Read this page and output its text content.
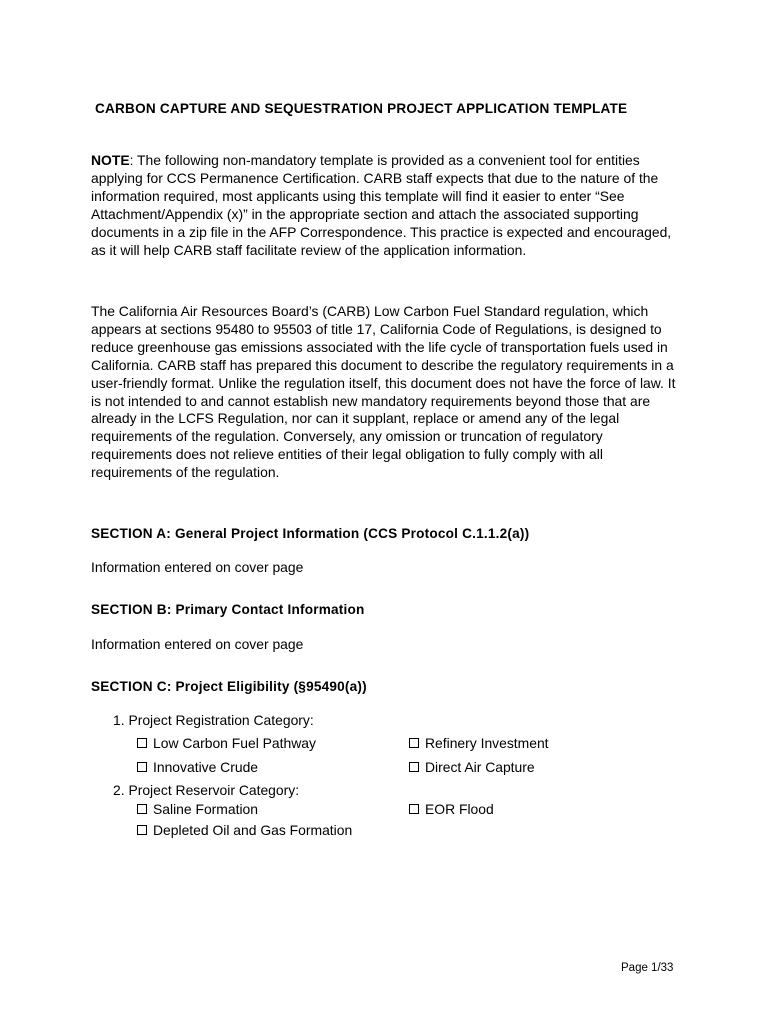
CARBON CAPTURE AND SEQUESTRATION PROJECT APPLICATION TEMPLATE

NOTE: The following non-mandatory template is provided as a convenient tool for entities applying for CCS Permanence Certification. CARB staff expects that due to the nature of the information required, most applicants using this template will find it easier to enter “See Attachment/Appendix (x)” in the appropriate section and attach the associated supporting documents in a zip file in the AFP Correspondence. This practice is expected and encouraged, as it will help CARB staff facilitate review of the application information.

The California Air Resources Board’s (CARB) Low Carbon Fuel Standard regulation, which appears at sections 95480 to 95503 of title 17, California Code of Regulations, is designed to reduce greenhouse gas emissions associated with the life cycle of transportation fuels used in California. CARB staff has prepared this document to describe the regulatory requirements in a user-friendly format. Unlike the regulation itself, this document does not have the force of law. It is not intended to and cannot establish new mandatory requirements beyond those that are already in the LCFS Regulation, nor can it supplant, replace or amend any of the legal requirements of the regulation. Conversely, any omission or truncation of regulatory requirements does not relieve entities of their legal obligation to fully comply with all requirements of the regulation.

SECTION A: General Project Information (CCS Protocol C.1.1.2(a))
Information entered on cover page
SECTION B: Primary Contact Information
Information entered on cover page
SECTION C: Project Eligibility (§95490(a))
1. Project Registration Category:
Low Carbon Fuel Pathway	Refinery Investment
Innovative Crude	Direct Air Capture
2. Project Reservoir Category:
Saline Formation	EOR Flood
Depleted Oil and Gas Formation
Page 1/33
